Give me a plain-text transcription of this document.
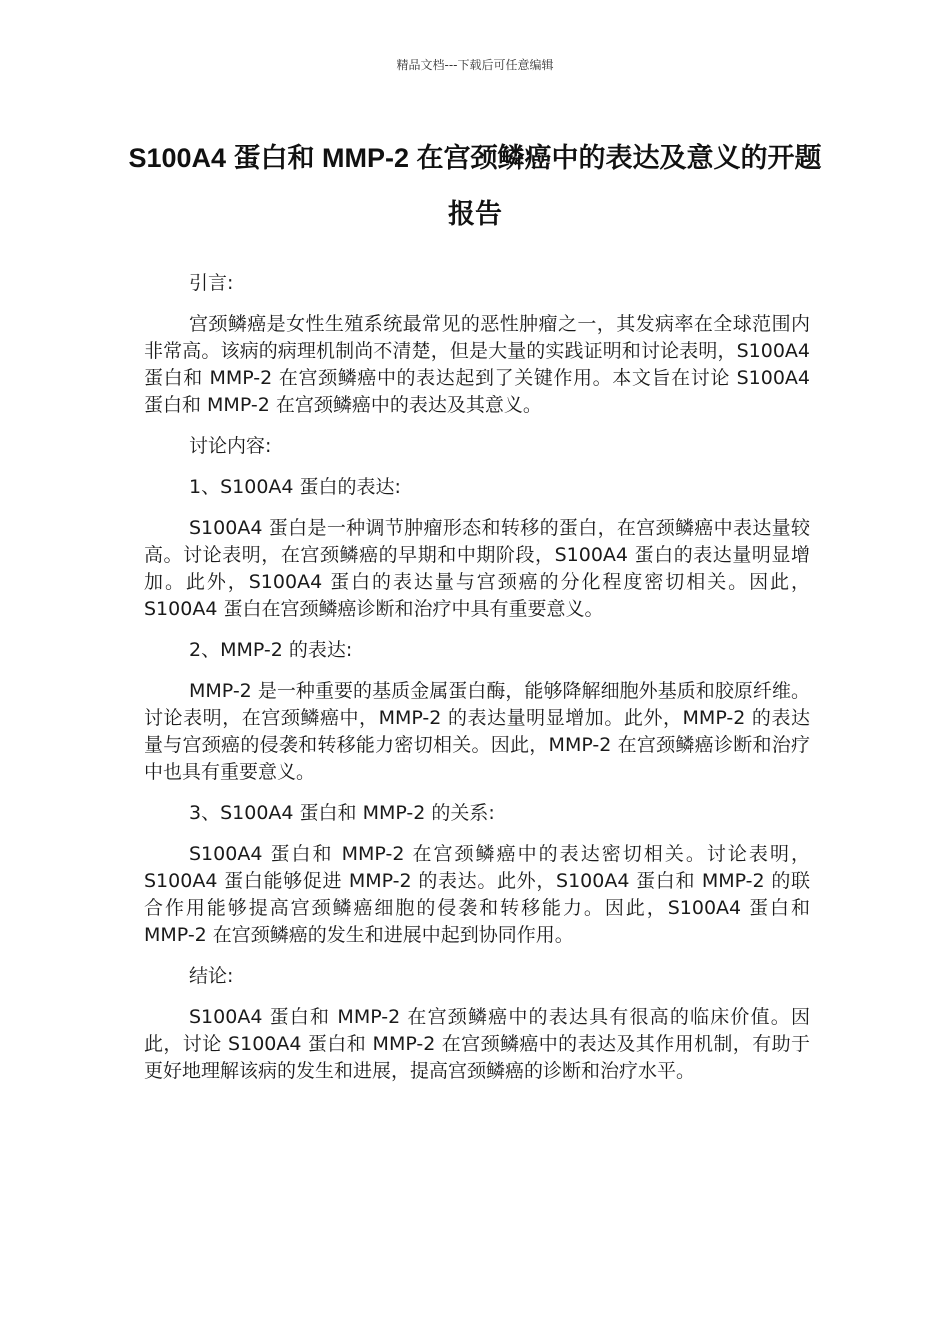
精品文档---下载后可任意编辑
S100A4 蛋白和 MMP-2 在宫颈鳞癌中的表达及意义的开题报告

引言:

宫颈鳞癌是女性生殖系统最常见的恶性肿瘤之一，其发病率在全球范围内非常高。该病的病理机制尚不清楚，但是大量的实践证明和讨论表明，S100A4 蛋白和 MMP-2 在宫颈鳞癌中的表达起到了关键作用。本文旨在讨论 S100A4 蛋白和 MMP-2 在宫颈鳞癌中的表达及其意义。

讨论内容:

1、S100A4 蛋白的表达:

S100A4 蛋白是一种调节肿瘤形态和转移的蛋白，在宫颈鳞癌中表达量较高。讨论表明，在宫颈鳞癌的早期和中期阶段，S100A4 蛋白的表达量明显增加。此外，S100A4 蛋白的表达量与宫颈癌的分化程度密切相关。因此，S100A4 蛋白在宫颈鳞癌诊断和治疗中具有重要意义。

2、MMP-2 的表达:

MMP-2 是一种重要的基质金属蛋白酶，能够降解细胞外基质和胶原纤维。讨论表明，在宫颈鳞癌中，MMP-2 的表达量明显增加。此外，MMP-2 的表达量与宫颈癌的侵袭和转移能力密切相关。因此，MMP-2 在宫颈鳞癌诊断和治疗中也具有重要意义。

3、S100A4 蛋白和 MMP-2 的关系:

S100A4 蛋白和 MMP-2 在宫颈鳞癌中的表达密切相关。讨论表明，S100A4 蛋白能够促进 MMP-2 的表达。此外，S100A4 蛋白和 MMP-2 的联合作用能够提高宫颈鳞癌细胞的侵袭和转移能力。因此，S100A4 蛋白和 MMP-2 在宫颈鳞癌的发生和进展中起到协同作用。

结论:

S100A4 蛋白和 MMP-2 在宫颈鳞癌中的表达具有很高的临床价值。因此，讨论 S100A4 蛋白和 MMP-2 在宫颈鳞癌中的表达及其作用机制，有助于更好地理解该病的发生和进展，提高宫颈鳞癌的诊断和治疗水平。
